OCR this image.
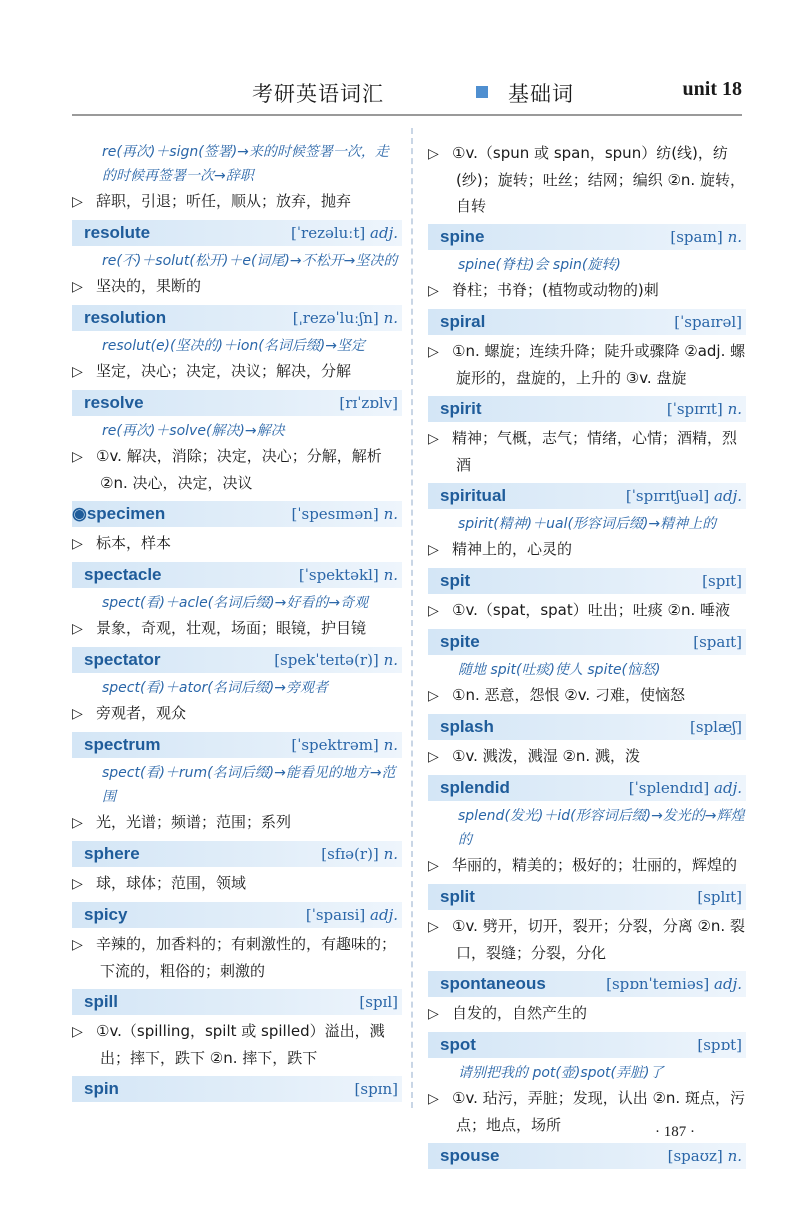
考研英语词汇	基础词	unit 18
re(再次)＋sign(签署)→来的时候签署一次，走的时候再签署一次→辞职
▷ 辞职，引退；听任，顺从；放弃，抛弃
resolute	[ˈrezəluːt] adj.
re(不)＋solut(松开)＋e(词尾)→不松开→坚决的
▷ 坚决的，果断的
resolution	[ˌrezəˈluːʃn] n.
resolut(e)(坚决的)＋ion(名词后缀)→坚定
▷ 坚定，决心；决定，决议；解决，分解
resolve	[rɪˈzɒlv]
re(再次)＋solve(解决)→解决
▷ ①v. 解决，消除；决定，决心；分解，解析 ②n. 决心，决定，决议
◉specimen	[ˈspesɪmən] n.
▷ 标本，样本
spectacle	[ˈspektəkl] n.
spect(看)＋acle(名词后缀)→好看的→奇观
▷ 景象，奇观，壮观，场面；眼镜，护目镜
spectator	[spekˈteɪtə(r)] n.
spect(看)＋ator(名词后缀)→旁观者
▷ 旁观者，观众
spectrum	[ˈspektrəm] n.
spect(看)＋rum(名词后缀)→能看见的地方→范围
▷ 光，光谱；频谱；范围；系列
sphere	[sfɪə(r)] n.
▷ 球，球体；范围，领域
spicy	[ˈspaɪsi] adj.
▷ 辛辣的，加香料的；有刺激性的，有趣味的；下流的，粗俗的；刺激的
spill	[spɪl]
▷ ①v.（spilling，spilt 或 spilled）溢出，溅出；摔下，跌下 ②n. 摔下，跌下
spin	[spɪn]
▷ ①v.（spun 或 span，spun）纺(线)，纺(纱)；旋转；吐丝；结网；编织 ②n. 旋转，自转
spine	[spaɪn] n.
spine(脊柱)会 spin(旋转)
▷ 脊柱；书脊；(植物或动物的)刺
spiral	[ˈspaɪrəl]
▷ ①n. 螺旋；连续升降；陡升或骤降 ②adj. 螺旋形的，盘旋的，上升的 ③v. 盘旋
spirit	[ˈspɪrɪt] n.
▷ 精神；气概，志气；情绪，心情；酒精，烈酒
spiritual	[ˈspɪrɪtʃuəl] adj.
spirit(精神)＋ual(形容词后缀)→精神上的
▷ 精神上的，心灵的
spit	[spɪt]
▷ ①v.（spat，spat）吐出；吐痰 ②n. 唾液
spite	[spaɪt]
随地 spit(吐痰)使人 spite(恼怒)
▷ ①n. 恶意，怨恨 ②v. 刁难，使恼怒
splash	[splæʃ]
▷ ①v. 溅泼，溅湿 ②n. 溅，泼
splendid	[ˈsplendɪd] adj.
splend(发光)＋id(形容词后缀)→发光的→辉煌的
▷ 华丽的，精美的；极好的；壮丽的，辉煌的
split	[splɪt]
▷ ①v. 劈开，切开，裂开；分裂，分离 ②n. 裂口，裂缝；分裂，分化
spontaneous	[spɒnˈteɪniəs] adj.
▷ 自发的，自然产生的
spot	[spɒt]
请别把我的 pot(壶)spot(弄脏)了
▷ ①v. 玷污，弄脏；发现，认出 ②n. 斑点，污点；地点，场所
spouse	[spaʊz] n.
· 187 ·
